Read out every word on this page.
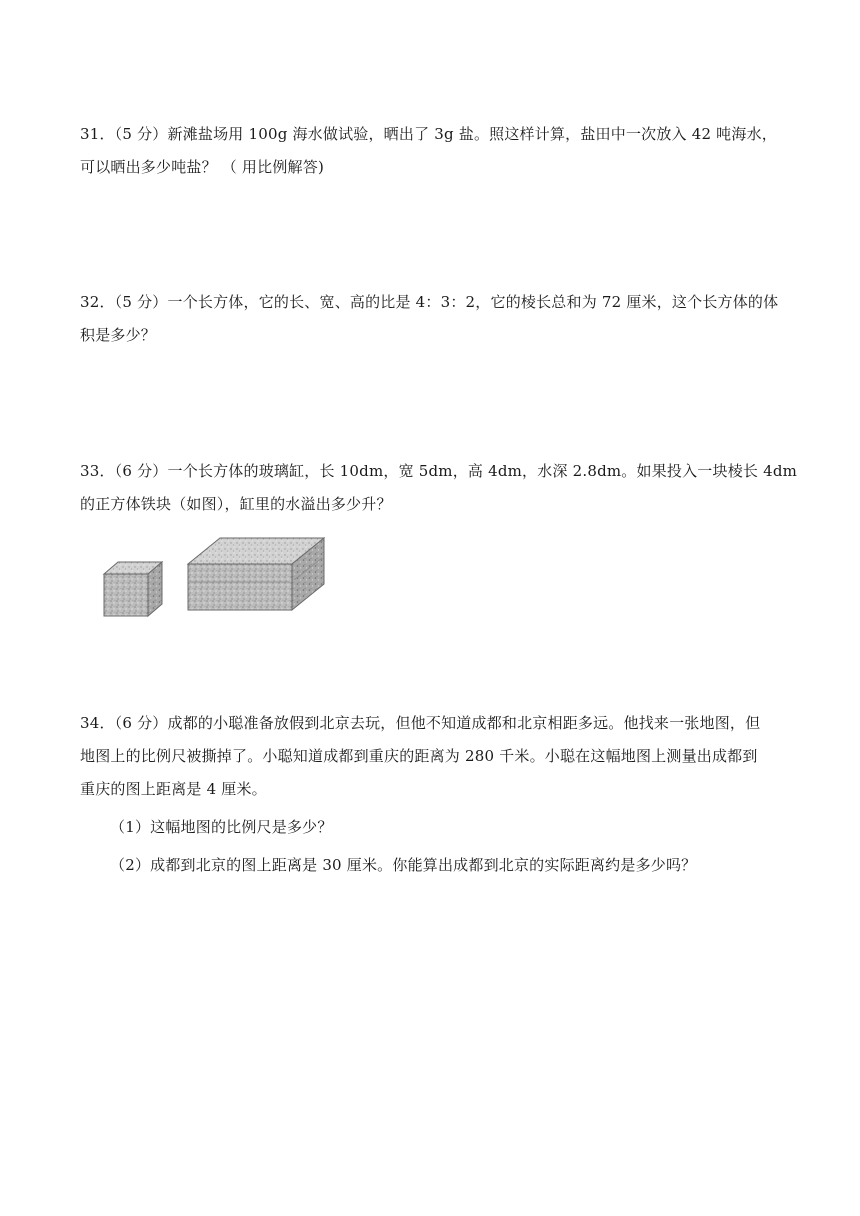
31．（5 分）新滩盐场用 100g 海水做试验，晒出了 3g 盐。照这样计算，盐田中一次放入 42 吨海水，
可以晒出多少吨盐？ （ 用比例解答)
32．（5 分）一个长方体，它的长、宽、高的比是 4：3：2，它的棱长总和为 72 厘米，这个长方体的体
积是多少？
33．（6 分）一个长方体的玻璃缸，长 10dm，宽 5dm，高 4dm，水深 2.8dm。如果投入一块棱长 4dm
的正方体铁块（如图），缸里的水溢出多少升？
34．（6 分）成都的小聪准备放假到北京去玩，但他不知道成都和北京相距多远。他找来一张地图，但
地图上的比例尺被撕掉了。小聪知道成都到重庆的距离为 280 千米。小聪在这幅地图上测量出成都到
重庆的图上距离是 4 厘米。
（1）这幅地图的比例尺是多少？
（2）成都到北京的图上距离是 30 厘米。你能算出成都到北京的实际距离约是多少吗？
